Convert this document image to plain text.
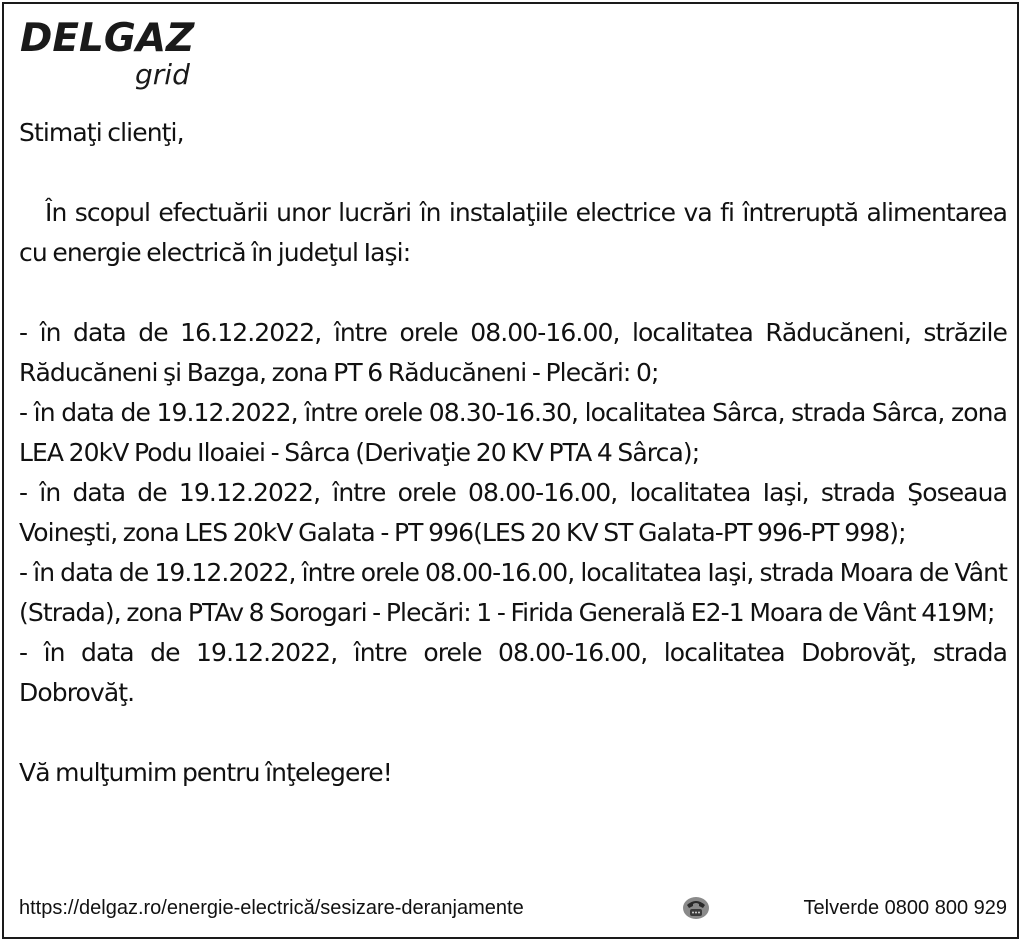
DELGAZ
grid

Stimaţi clienţi,

În scopul efectuării unor lucrări în instalaţiile electrice va fi întreruptă alimentarea cu energie electrică în judeţul Iaşi:

- în data de 16.12.2022, între orele 08.00-16.00, localitatea Răducăneni, străzile Răducăneni şi Bazga, zona PT 6 Răducăneni - Plecări: 0;

- în data de 19.12.2022, între orele 08.30-16.30, localitatea Sârca, strada Sârca, zona LEA 20kV Podu Iloaiei - Sârca (Derivaţie 20 KV PTA 4 Sârca);

- în data de 19.12.2022, între orele 08.00-16.00, localitatea Iaşi, strada Şoseaua Voineşti, zona LES 20kV Galata - PT 996(LES 20 KV ST Galata-PT 996-PT 998);

- în data de 19.12.2022, între orele 08.00-16.00, localitatea Iaşi, strada Moara de Vânt (Strada), zona PTAv 8 Sorogari - Plecări: 1 - Firida Generală E2-1 Moara de Vânt 419M;

- în data de 19.12.2022, între orele 08.00-16.00, localitatea Dobrovăţ, strada Dobrovăţ.

Vă mulţumim pentru înţelegere!

https://delgaz.ro/energie-electrică/sesizare-deranjamente	Telverde 0800 800 929
